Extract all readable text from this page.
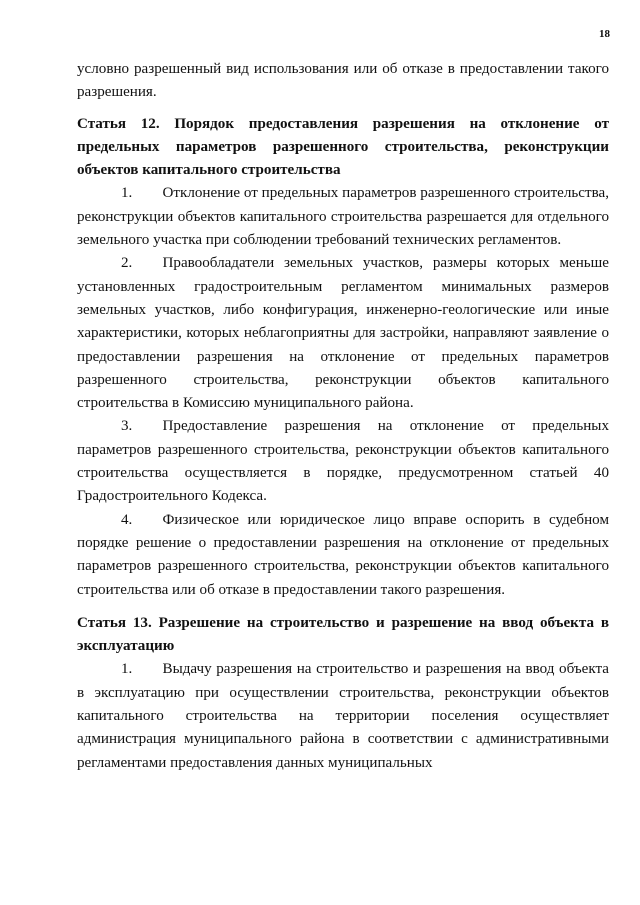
18

условно разрешенный вид использования или об отказе в предоставлении такого разрешения.

Статья 12. Порядок предоставления разрешения на отклонение от предельных параметров разрешенного строительства, реконструкции объектов капитального строительства

1.  Отклонение от предельных параметров разрешенного строительства, реконструкции объектов капитального строительства разрешается для отдельного земельного участка при соблюдении требований технических регламентов.

2.  Правообладатели земельных участков, размеры которых меньше установленных градостроительным регламентом минимальных размеров земельных участков, либо конфигурация, инженерно-геологические или иные характеристики, которых неблагоприятны для застройки, направляют заявление о предоставлении разрешения на отклонение от предельных параметров разрешенного строительства, реконструкции объектов капитального строительства в Комиссию муниципального района.

3.  Предоставление разрешения на отклонение от предельных параметров разрешенного строительства, реконструкции объектов капитального строительства осуществляется в порядке, предусмотренном статьей 40 Градостроительного Кодекса.

4.  Физическое или юридическое лицо вправе оспорить в судебном порядке решение о предоставлении разрешения на отклонение от предельных параметров разрешенного строительства, реконструкции объектов капитального строительства или об отказе в предоставлении такого разрешения.

Статья 13. Разрешение на строительство и разрешение на ввод объекта в эксплуатацию

1.  Выдачу разрешения на строительство и разрешения на ввод объекта в эксплуатацию при осуществлении строительства, реконструкции объектов капитального строительства на территории поселения осуществляет администрация муниципального района в соответствии с административными регламентами предоставления данных муниципальных
